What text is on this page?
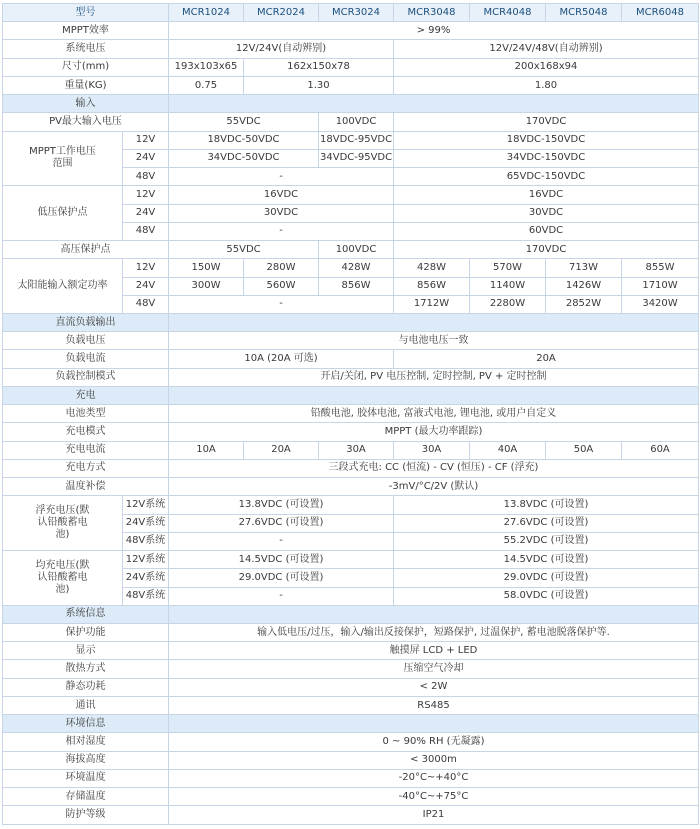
型号		MCR1024	MCR2024	MCR3024	MCR3048	MCR4048	MCR5048	MCR6048
MPPT效率		> 99%						
系统电压		12V/24V(自动辨别)			12V/24V/48V(自动辨别)			
尺寸(mm)		193x103x65	162x150x78		200x168x94			
重量(KG)		0.75	1.30		1.80			
输入								
PV最大输入电压		55VDC		100VDC	170VDC			
MPPT工作电压范围	12V	18VDC-50VDC		18VDC-95VDC	18VDC-150VDC			
	24V	34VDC-50VDC		34VDC-95VDC	34VDC-150VDC			
	48V	-			65VDC-150VDC			
低压保护点	12V	16VDC			16VDC			
	24V	30VDC			30VDC			
	48V	-			60VDC			
高压保护点		55VDC		100VDC	170VDC			
太阳能输入额定功率	12V	150W	280W	428W	428W	570W	713W	855W
	24V	300W	560W	856W	856W	1140W	1426W	1710W
	48V	-			1712W	2280W	2852W	3420W
直流负载输出								
负载电压		与电池电压一致						
负载电流		10A (20A 可选)			20A			
负载控制模式		开启/关闭, PV 电压控制, 定时控制, PV + 定时控制						
充电								
电池类型		铅酸电池, 胶体电池, 富液式电池, 锂电池, 或用户自定义						
充电模式		MPPT (最大功率跟踪)						
充电电流		10A	20A	30A	30A	40A	50A	60A
充电方式		三段式充电: CC (恒流) - CV (恒压) - CF (浮充)						
温度补偿		-3mV/°C/2V (默认)						
浮充电压(默认铅酸蓄电池)	12V系统	13.8VDC (可设置)			13.8VDC (可设置)			
	24V系统	27.6VDC (可设置)			27.6VDC (可设置)			
	48V系统	-			55.2VDC (可设置)			
均充电压(默认铅酸蓄电池)	12V系统	14.5VDC (可设置)			14.5VDC (可设置)			
	24V系统	29.0VDC (可设置)			29.0VDC (可设置)			
	48V系统	-			58.0VDC (可设置)			
系统信息								
保护功能		输入低电压/过压，输入/输出反接保护，短路保护, 过温保护, 蓄电池脱落保护等.						
显示		触摸屏 LCD + LED						
散热方式		压缩空气冷却						
静态功耗		< 2W						
通讯		RS485						
环境信息								
相对湿度		0 ~ 90% RH (无凝露)						
海拔高度		< 3000m						
环境温度		-20°C~+40°C						
存储温度		-40°C~+75°C						
防护等级		IP21						
